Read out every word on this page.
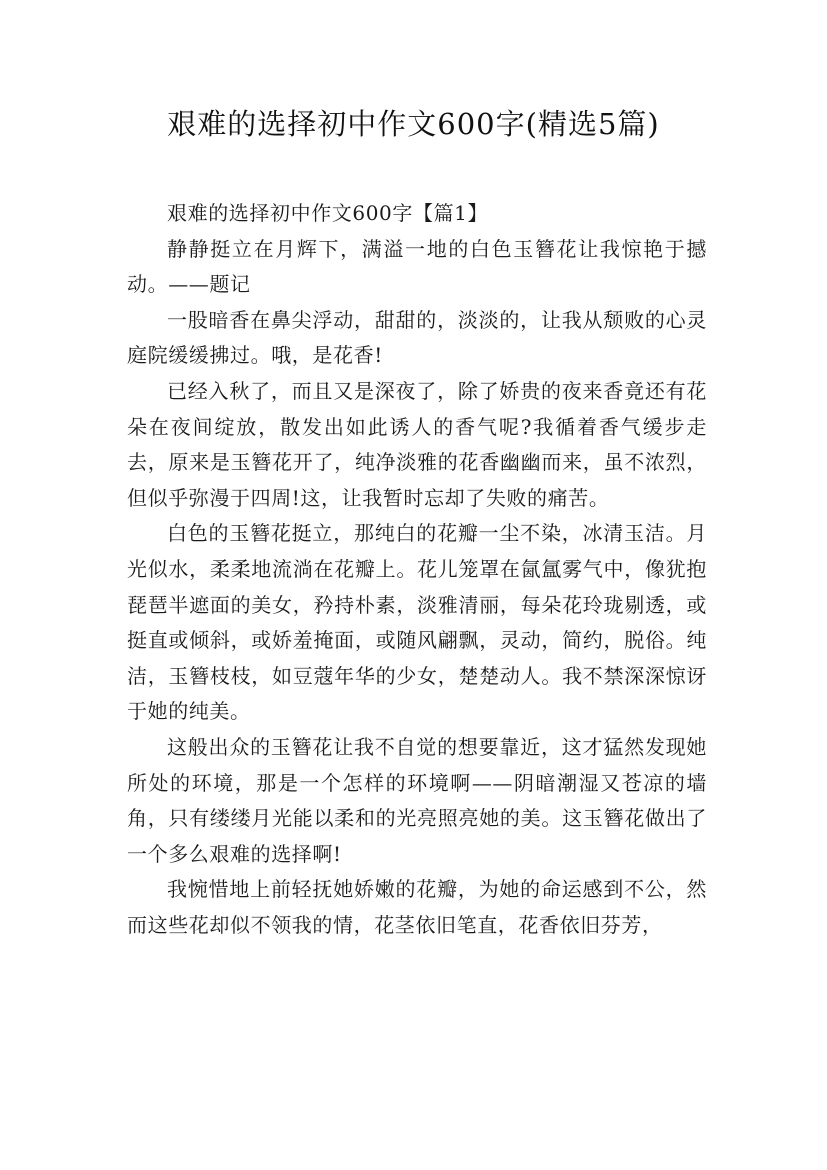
艰难的选择初中作文600字(精选5篇)

艰难的选择初中作文600字【篇1】

静静挺立在月辉下，满溢一地的白色玉簪花让我惊艳于撼动。——题记

一股暗香在鼻尖浮动，甜甜的，淡淡的，让我从颓败的心灵庭院缓缓拂过。哦，是花香!

已经入秋了，而且又是深夜了，除了娇贵的夜来香竟还有花朵在夜间绽放，散发出如此诱人的香气呢?我循着香气缓步走去，原来是玉簪花开了，纯净淡雅的花香幽幽而来，虽不浓烈，但似乎弥漫于四周!这，让我暂时忘却了失败的痛苦。

白色的玉簪花挺立，那纯白的花瓣一尘不染，冰清玉洁。月光似水，柔柔地流淌在花瓣上。花儿笼罩在氤氲雾气中，像犹抱琵琶半遮面的美女，矜持朴素，淡雅清丽，每朵花玲珑剔透，或挺直或倾斜，或娇羞掩面，或随风翩飘，灵动，简约，脱俗。纯洁，玉簪枝枝，如豆蔻年华的少女，楚楚动人。我不禁深深惊讶于她的纯美。

这般出众的玉簪花让我不自觉的想要靠近，这才猛然发现她所处的环境，那是一个怎样的环境啊——阴暗潮湿又苍凉的墙角，只有缕缕月光能以柔和的光亮照亮她的美。这玉簪花做出了一个多么艰难的选择啊!

我惋惜地上前轻抚她娇嫩的花瓣，为她的命运感到不公，然而这些花却似不领我的情，花茎依旧笔直，花香依旧芬芳，
